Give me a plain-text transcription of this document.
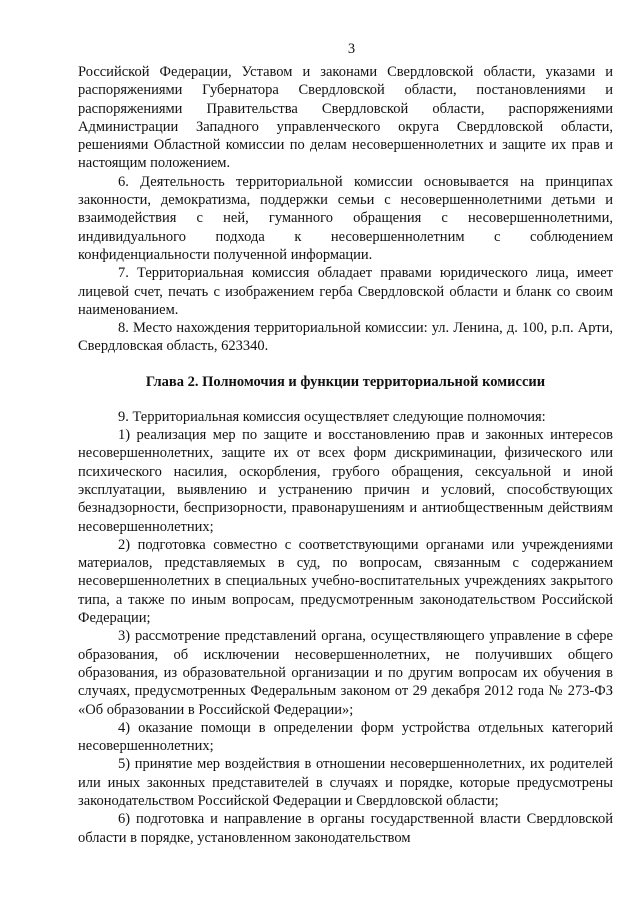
3

Российской Федерации, Уставом и законами Свердловской области, указами и распоряжениями Губернатора Свердловской области, постановлениями и распоряжениями Правительства Свердловской области, распоряжениями Администрации Западного управленческого округа Свердловской области, решениями Областной комиссии по делам несовершеннолетних и защите их прав и настоящим положением.

6. Деятельность территориальной комиссии основывается на принципах законности, демократизма, поддержки семьи с несовершеннолетними детьми и взаимодействия с ней, гуманного обращения с несовершеннолетними, индивидуального подхода к несовершеннолетним с соблюдением конфиденциальности полученной информации.

7. Территориальная комиссия обладает правами юридического лица, имеет лицевой счет, печать с изображением герба Свердловской области и бланк со своим наименованием.

8. Место нахождения территориальной комиссии: ул. Ленина, д. 100, р.п. Арти, Свердловская область, 623340.

Глава 2. Полномочия и функции территориальной комиссии

9. Территориальная комиссия осуществляет следующие полномочия:

1) реализация мер по защите и восстановлению прав и законных интересов несовершеннолетних, защите их от всех форм дискриминации, физического или психического насилия, оскорбления, грубого обращения, сексуальной и иной эксплуатации, выявлению и устранению причин и условий, способствующих безнадзорности, беспризорности, правонарушениям и антиобщественным действиям несовершеннолетних;

2) подготовка совместно с соответствующими органами или учреждениями материалов, представляемых в суд, по вопросам, связанным с содержанием несовершеннолетних в специальных учебно-воспитательных учреждениях закрытого типа, а также по иным вопросам, предусмотренным законодательством Российской Федерации;

3) рассмотрение представлений органа, осуществляющего управление в сфере образования, об исключении несовершеннолетних, не получивших общего образования, из образовательной организации и по другим вопросам их обучения в случаях, предусмотренных Федеральным законом от 29 декабря 2012 года № 273-ФЗ «Об образовании в Российской Федерации»;

4) оказание помощи в определении форм устройства отдельных категорий несовершеннолетних;

5) принятие мер воздействия в отношении несовершеннолетних, их родителей или иных законных представителей в случаях и порядке, которые предусмотрены законодательством Российской Федерации и Свердловской области;

6) подготовка и направление в органы государственной власти Свердловской области в порядке, установленном законодательством
